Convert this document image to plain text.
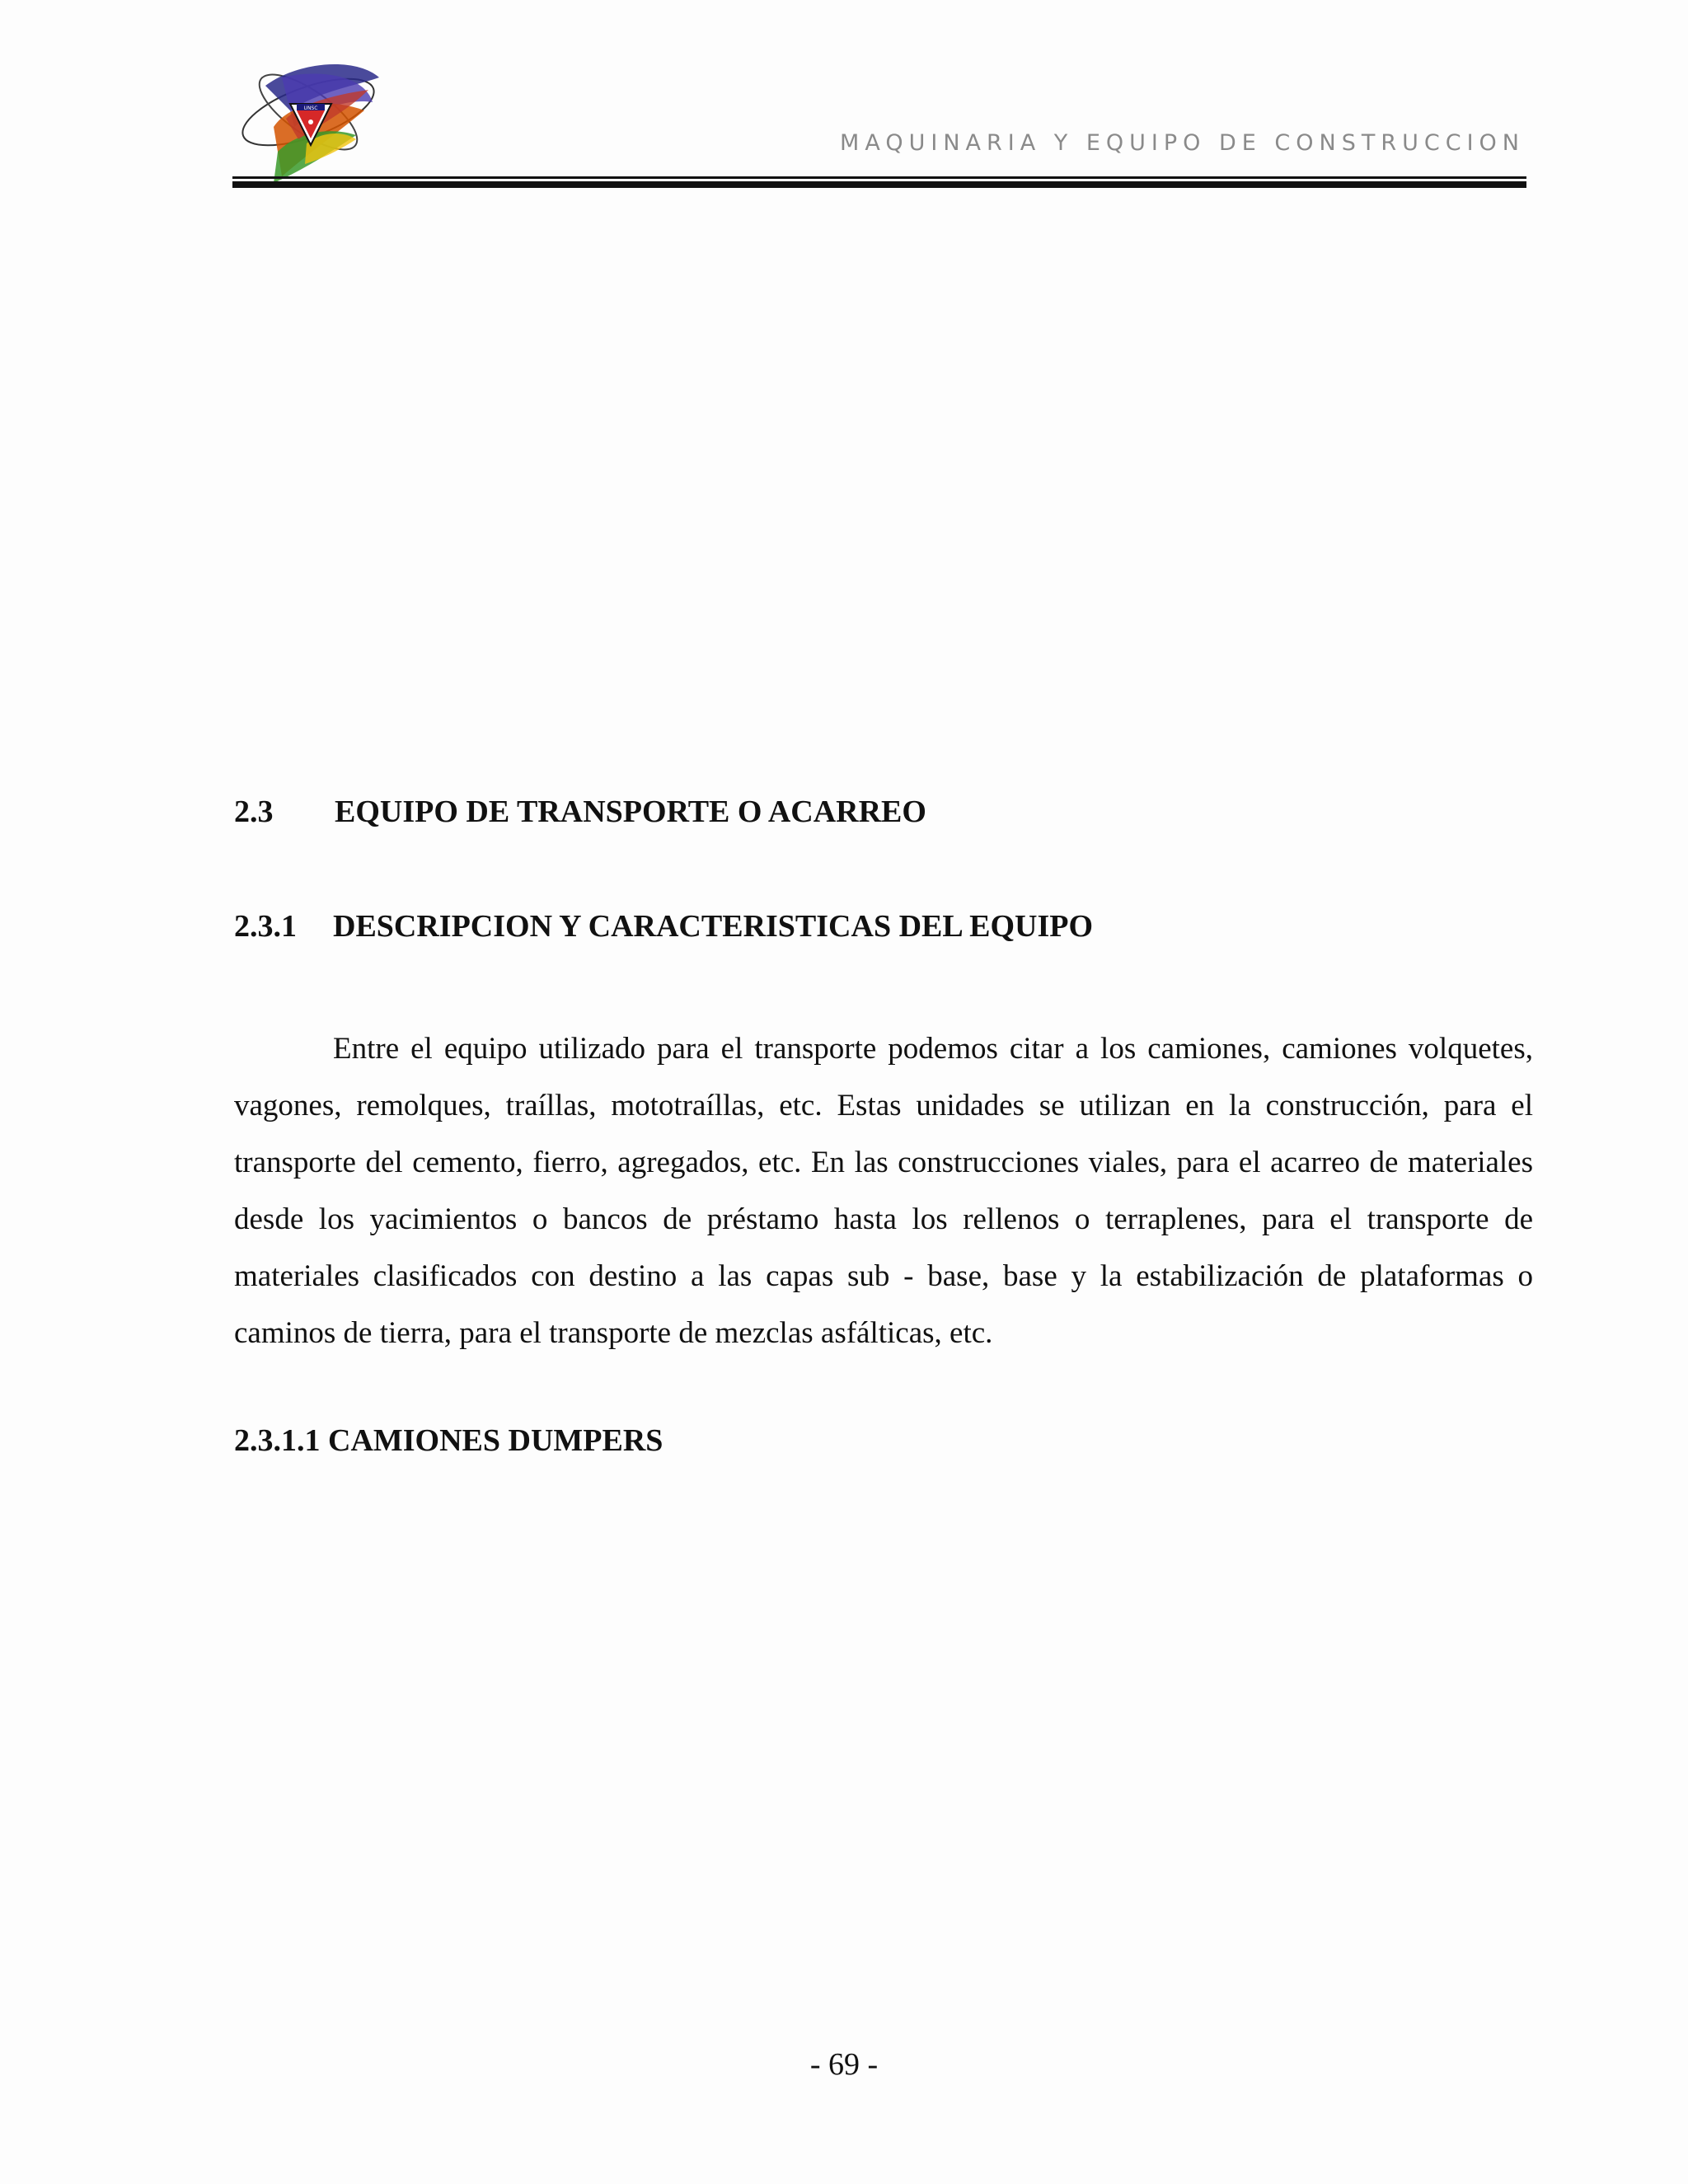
UNSC
MAQUINARIA Y EQUIPO DE CONSTRUCCION
2.3 EQUIPO DE TRANSPORTE O ACARREO
2.3.1 DESCRIPCION Y CARACTERISTICAS DEL EQUIPO

Entre el equipo utilizado para el transporte podemos citar a los camiones, camiones volquetes, vagones, remolques, traíllas, mototraíllas, etc. Estas unidades se utilizan en la construcción, para el transporte del cemento, fierro, agregados, etc. En las construcciones viales, para el acarreo de materiales desde los yacimientos o bancos de préstamo hasta los rellenos o terraplenes, para el transporte de materiales clasificados con destino a las capas sub - base, base y la estabilización de plataformas o caminos de tierra, para el transporte de mezclas asfálticas, etc.

2.3.1.1 CAMIONES DUMPERS
- 69 -
